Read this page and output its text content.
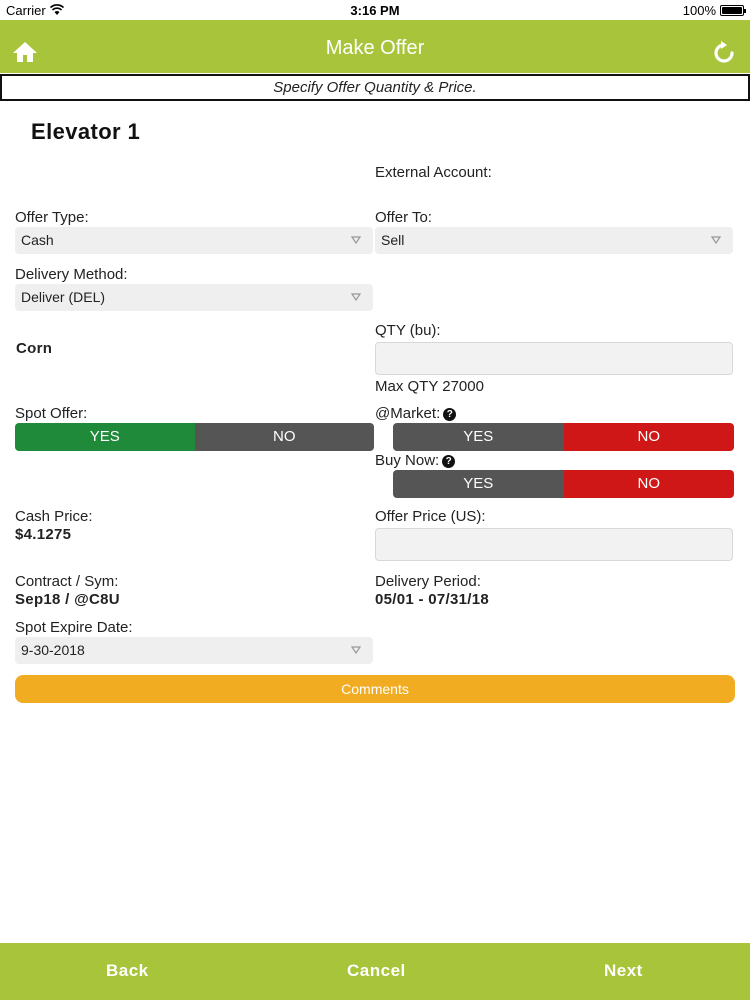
Carrier	3:16 PM	100%
Make Offer
Specify Offer Quantity & Price.
Elevator 1
External Account:
Offer Type:
Cash
Offer To:
Sell
Delivery Method:
Deliver (DEL)
Corn
QTY (bu):
Max QTY 27000
Spot Offer:
YES	NO
@Market: ?
YES	NO
Buy Now: ?
YES	NO
Cash Price:
$4.1275
Offer Price (US):
Contract / Sym:
Sep18 / @C8U
Delivery Period:
05/01 - 07/31/18
Spot Expire Date:
9-30-2018
Comments
Back	Cancel	Next
